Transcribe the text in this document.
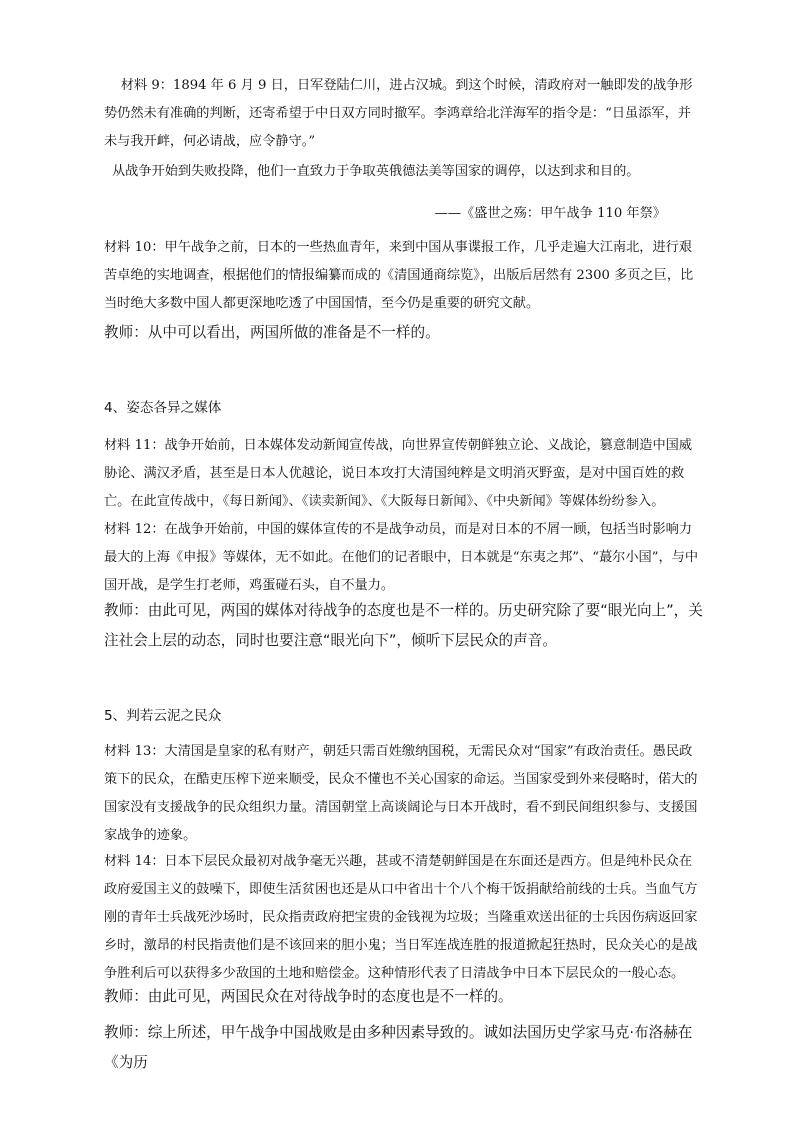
材料 9：1894 年 6 月 9 日，日军登陆仁川，进占汉城。到这个时候，清政府对一触即发的战争形势仍然未有准确的判断，还寄希望于中日双方同时撤军。李鸿章给北洋海军的指令是：“日虽添军，并未与我开衅，何必请战，应令静守。”

从战争开始到失败投降，他们一直致力于争取英俄德法美等国家的调停，以达到求和目的。

——《盛世之殇：甲午战争 110 年祭》

材料 10：甲午战争之前，日本的一些热血青年，来到中国从事谍报工作，几乎走遍大江南北，进行艰苦卓绝的实地调查，根据他们的情报编纂而成的《清国通商综览》，出版后居然有 2300 多页之巨，比当时绝大多数中国人都更深地吃透了中国国情，至今仍是重要的研究文献。

教师：从中可以看出，两国所做的准备是不一样的。

4、姿态各异之媒体

材料 11：战争开始前，日本媒体发动新闻宣传战，向世界宣传朝鲜独立论、义战论，篡意制造中国威胁论、满汉矛盾，甚至是日本人优越论，说日本攻打大清国纯粹是文明消灭野蛮，是对中国百姓的救亡。在此宣传战中，《每日新闻》、《读卖新闻》、《大阪每日新闻》、《中央新闻》等媒体纷纷参入。

材料 12：在战争开始前，中国的媒体宣传的不是战争动员，而是对日本的不屑一顾，包括当时影响力最大的上海《申报》等媒体，无不如此。在他们的记者眼中，日本就是“东夷之邦”、“蕞尔小国”，与中国开战，是学生打老师，鸡蛋碰石头，自不量力。

教师：由此可见，两国的媒体对待战争的态度也是不一样的。历史研究除了要“眼光向上”，关注社会上层的动态，同时也要注意“眼光向下”，倾听下层民众的声音。

5、判若云泥之民众

材料 13：大清国是皇家的私有财产，朝廷只需百姓缴纳国税，无需民众对“国家”有政治责任。愚民政策下的民众，在酷吏压榨下逆来顺受，民众不懂也不关心国家的命运。当国家受到外来侵略时，偌大的国家没有支援战争的民众组织力量。清国朝堂上高谈阔论与日本开战时，看不到民间组织参与、支援国家战争的迹象。

材料 14：日本下层民众最初对战争毫无兴趣，甚或不清楚朝鲜国是在东面还是西方。但是纯朴民众在政府爱国主义的鼓噪下，即使生活贫困也还是从口中省出十个八个梅干饭捐献给前线的士兵。当血气方刚的青年士兵战死沙场时，民众指责政府把宝贵的金钱视为垃圾；当隆重欢送出征的士兵因伤病返回家乡时，激昂的村民指责他们是不该回来的胆小鬼；当日军连战连胜的报道掀起狂热时，民众关心的是战争胜利后可以获得多少敌国的土地和赔偿金。这种情形代表了日清战争中日本下层民众的一般心态。

教师：由此可见，两国民众在对待战争时的态度也是不一样的。

教师：综上所述，甲午战争中国战败是由多种因素导致的。诚如法国历史学家马克·布洛赫在《为历
